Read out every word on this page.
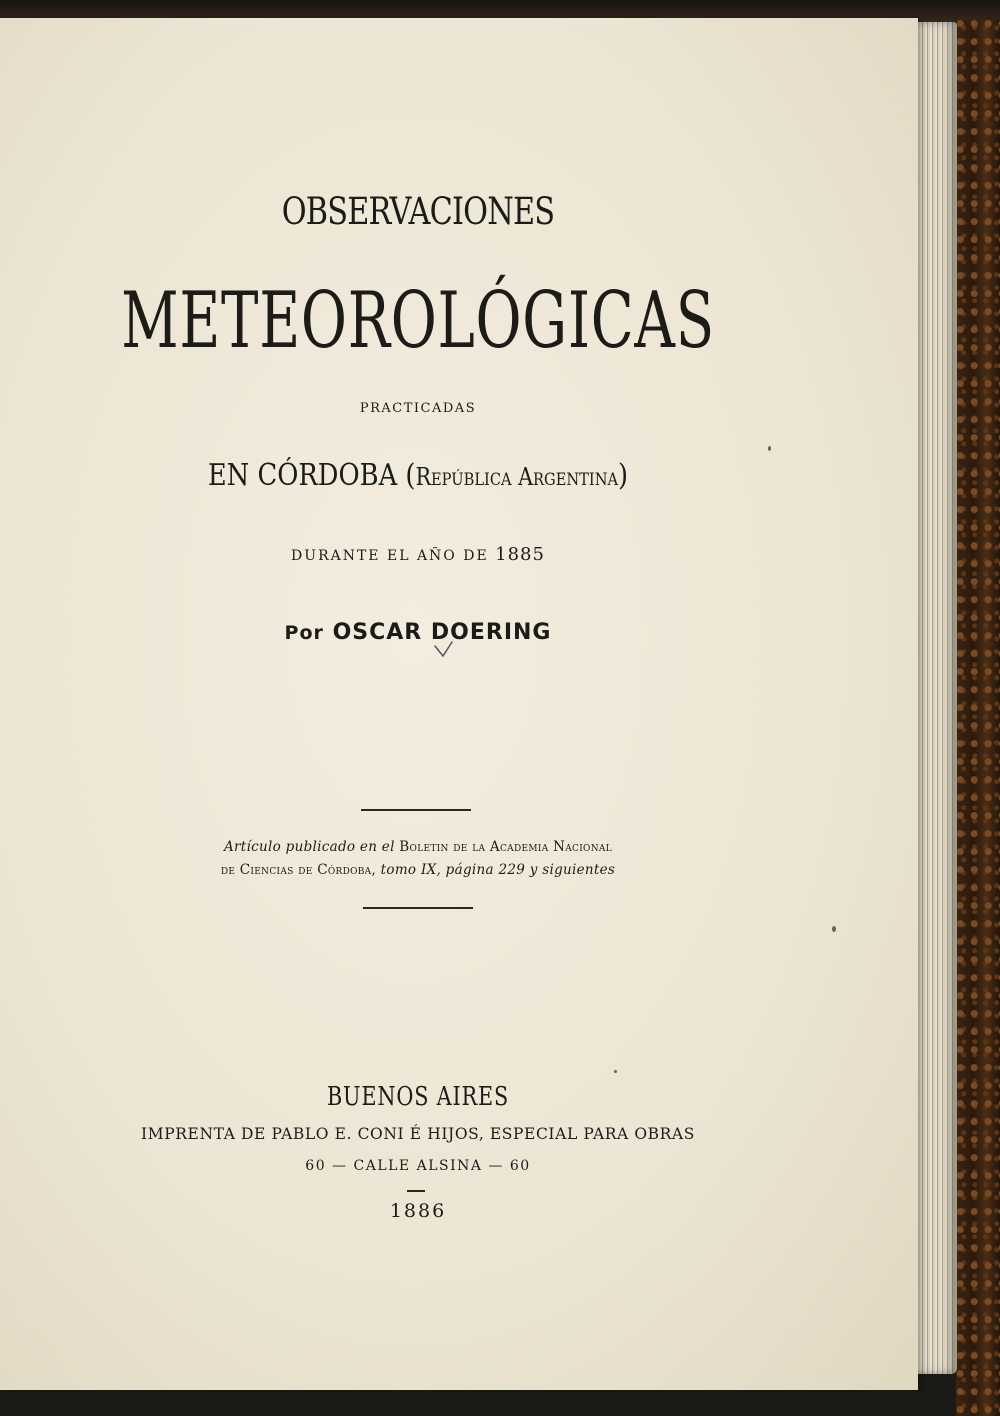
OBSERVACIONES
METEOROLÓGICAS
PRACTICADAS
EN CÓRDOBA (República Argentina)
DURANTE EL AÑO DE 1885
Por OSCAR DOERING
Artículo publicado en el Boletin de la Academia Nacional
de Ciencias de Córdoba, tomo IX, página 229 y siguientes
BUENOS AIRES
IMPRENTA DE PABLO E. CONI É HIJOS, ESPECIAL PARA OBRAS
60 — CALLE ALSINA — 60
1886
